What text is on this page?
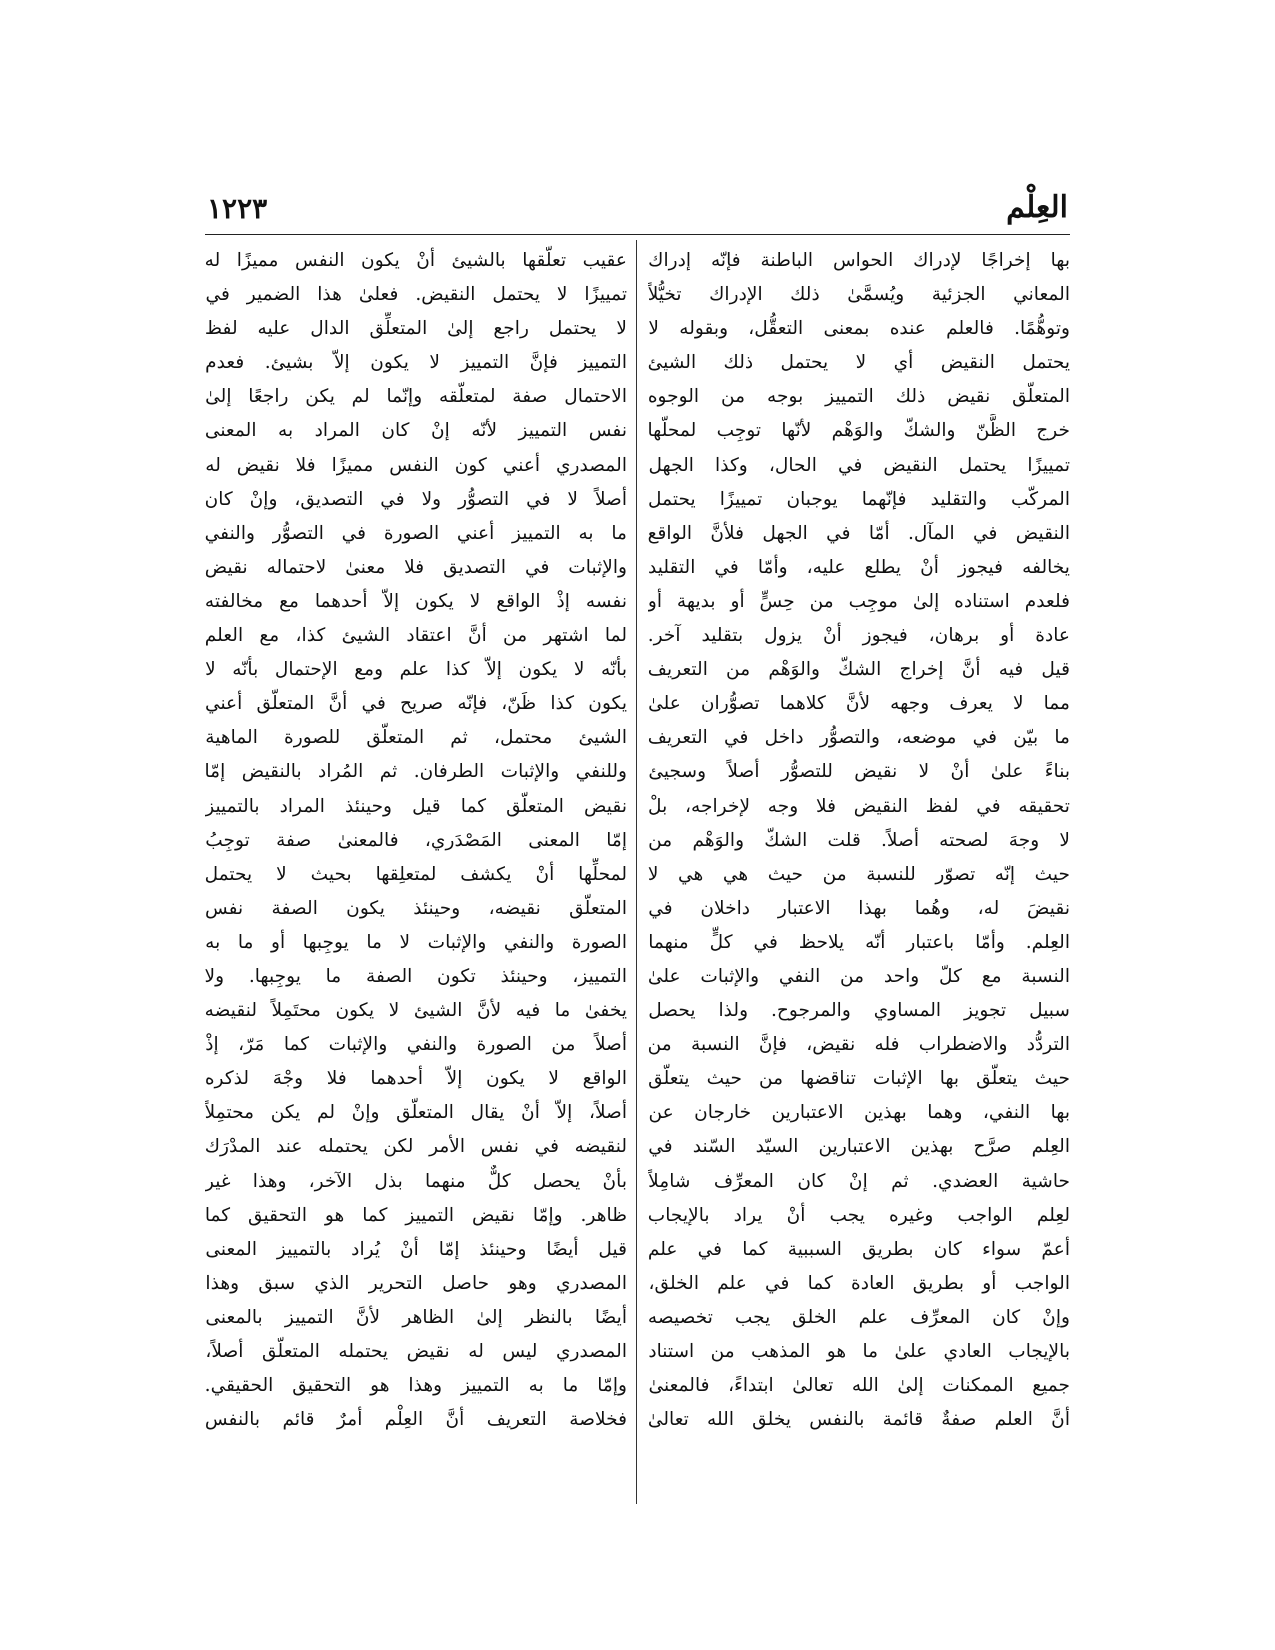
العِلْم
١٢٢٣
بها إخراجًا لإدراك الحواس الباطنة فإنّه إدراك
المعاني الجزئية ويُسمَّىٰ ذلك الإدراك تخيُّلاً
وتوهُّمًا. فالعلم عنده بمعنى التعقُّل، وبقوله لا
يحتمل النقيض أي لا يحتمل ذلك الشيئ
المتعلّق نقيض ذلك التمييز بوجه من الوجوه
خرج الظَّنّ والشكّ والوَهْم لأنّها توجِب لمحلّها
تمييزًا يحتمل النقيض في الحال، وكذا الجهل
المركّب والتقليد فإنّهما يوجبان تمييزًا يحتمل
النقيض في المآل. أمّا في الجهل فلأنَّ الواقع
يخالفه فيجوز أنْ يطلع عليه، وأمّا في التقليد
فلعدم استناده إلىٰ موجِب من حِسٍّ أو بديهة أو
عادة أو برهان، فيجوز أنْ يزول بتقليد آخر.
قيل فيه أنَّ إخراج الشكّ والوَهْم من التعريف
مما لا يعرف وجهه لأنَّ كلاهما تصوُّران علىٰ
ما بيّن في موضعه، والتصوُّر داخل في التعريف
بناءً علىٰ أنْ لا نقيض للتصوُّر أصلاً وسجيئ
تحقيقه في لفظ النقيض فلا وجه لإخراجه، بلْ
لا وجهَ لصحته أصلاً. قلت الشكّ والوَهْم من
حيث إنّه تصوّر للنسبة من حيث هي هي لا
نقيضَ له، وهُما بهذا الاعتبار داخلان في
العِلم. وأمّا باعتبار أنّه يلاحظ في كلٍّ منهما
النسبة مع كلّ واحد من النفي والإثبات علىٰ
سبيل تجويز المساوي والمرجوح. ولذا يحصل
التردُّد والاضطراب فله نقيض، فإنَّ النسبة من
حيث يتعلّق بها الإثبات تناقضها من حيث يتعلّق
بها النفي، وهما بهذين الاعتبارين خارجان عن
العِلم صرَّح بهذين الاعتبارين السيّد السّند في
حاشية العضدي. ثم إنْ كان المعرِّف شامِلاً
لعِلم الواجب وغيره يجب أنْ يراد بالإيجاب
أعمّ سواء كان بطريق السببية كما في علم
الواجب أو بطريق العادة كما في علم الخلق،
وإنْ كان المعرِّف علم الخلق يجب تخصيصه
بالإيجاب العادي علىٰ ما هو المذهب من استناد
جميع الممكنات إلىٰ الله تعالىٰ ابتداءً، فالمعنىٰ
أنَّ العلم صفةٌ قائمة بالنفس يخلق الله تعالىٰ
عقيب تعلّقها بالشيئ أنْ يكون النفس مميزًا له
تمييزًا لا يحتمل النقيض. فعلىٰ هذا الضمير في
لا يحتمل راجع إلىٰ المتعلِّق الدال عليه لفظ
التمييز فإنَّ التمييز لا يكون إلاّ بشيئ. فعدم
الاحتمال صفة لمتعلّقه وإنّما لم يكن راجعًا إلىٰ
نفس التمييز لأنّه إنْ كان المراد به المعنى
المصدري أعني كون النفس مميزًا فلا نقيض له
أصلاً لا في التصوُّر ولا في التصديق، وإنْ كان
ما به التمييز أعني الصورة في التصوُّر والنفي
والإثبات في التصديق فلا معنىٰ لاحتماله نقيض
نفسه إذْ الواقع لا يكون إلاّ أحدهما مع مخالفته
لما اشتهر من أنَّ اعتقاد الشيئ كذا، مع العلم
بأنّه لا يكون إلاّ كذا علم ومع الإحتمال بأنّه لا
يكون كذا ظَنّ، فإنّه صريح في أنَّ المتعلّق أعني
الشيئ محتمل، ثم المتعلّق للصورة الماهية
وللنفي والإثبات الطرفان. ثم المُراد بالنقيض إمّا
نقيض المتعلّق كما قيل وحينئذ المراد بالتمييز
إمّا المعنى المَصْدَري، فالمعنىٰ صفة توجِبُ
لمحلِّها أنْ يكشف لمتعلِقها بحيث لا يحتمل
المتعلّق نقيضه، وحينئذ يكون الصفة نفس
الصورة والنفي والإثبات لا ما يوجِبها أو ما به
التمييز، وحينئذ تكون الصفة ما يوجِبها. ولا
يخفىٰ ما فيه لأنَّ الشيئ لا يكون محتَمِلاً لنقيضه
أصلاً من الصورة والنفي والإثبات كما مَرّ، إذْ
الواقع لا يكون إلاّ أحدهما فلا وجْهَ لذكره
أصلاً، إلاّ أنْ يقال المتعلّق وإنْ لم يكن محتمِلاً
لنقيضه في نفس الأمر لكن يحتمله عند المدْرَك
بأنْ يحصل كلٌّ منهما بذل الآخر، وهذا غير
ظاهر. وإمّا نقيض التمييز كما هو التحقيق كما
قيل أيضًا وحينئذ إمّا أنْ يُراد بالتمييز المعنى
المصدري وهو حاصل التحرير الذي سبق وهذا
أيضًا بالنظر إلىٰ الظاهر لأنَّ التمييز بالمعنى
المصدري ليس له نقيض يحتمله المتعلّق أصلاً،
وإمّا ما به التمييز وهذا هو التحقيق الحقيقي.
فخلاصة التعريف أنَّ العِلْم أمرٌ قائم بالنفس
